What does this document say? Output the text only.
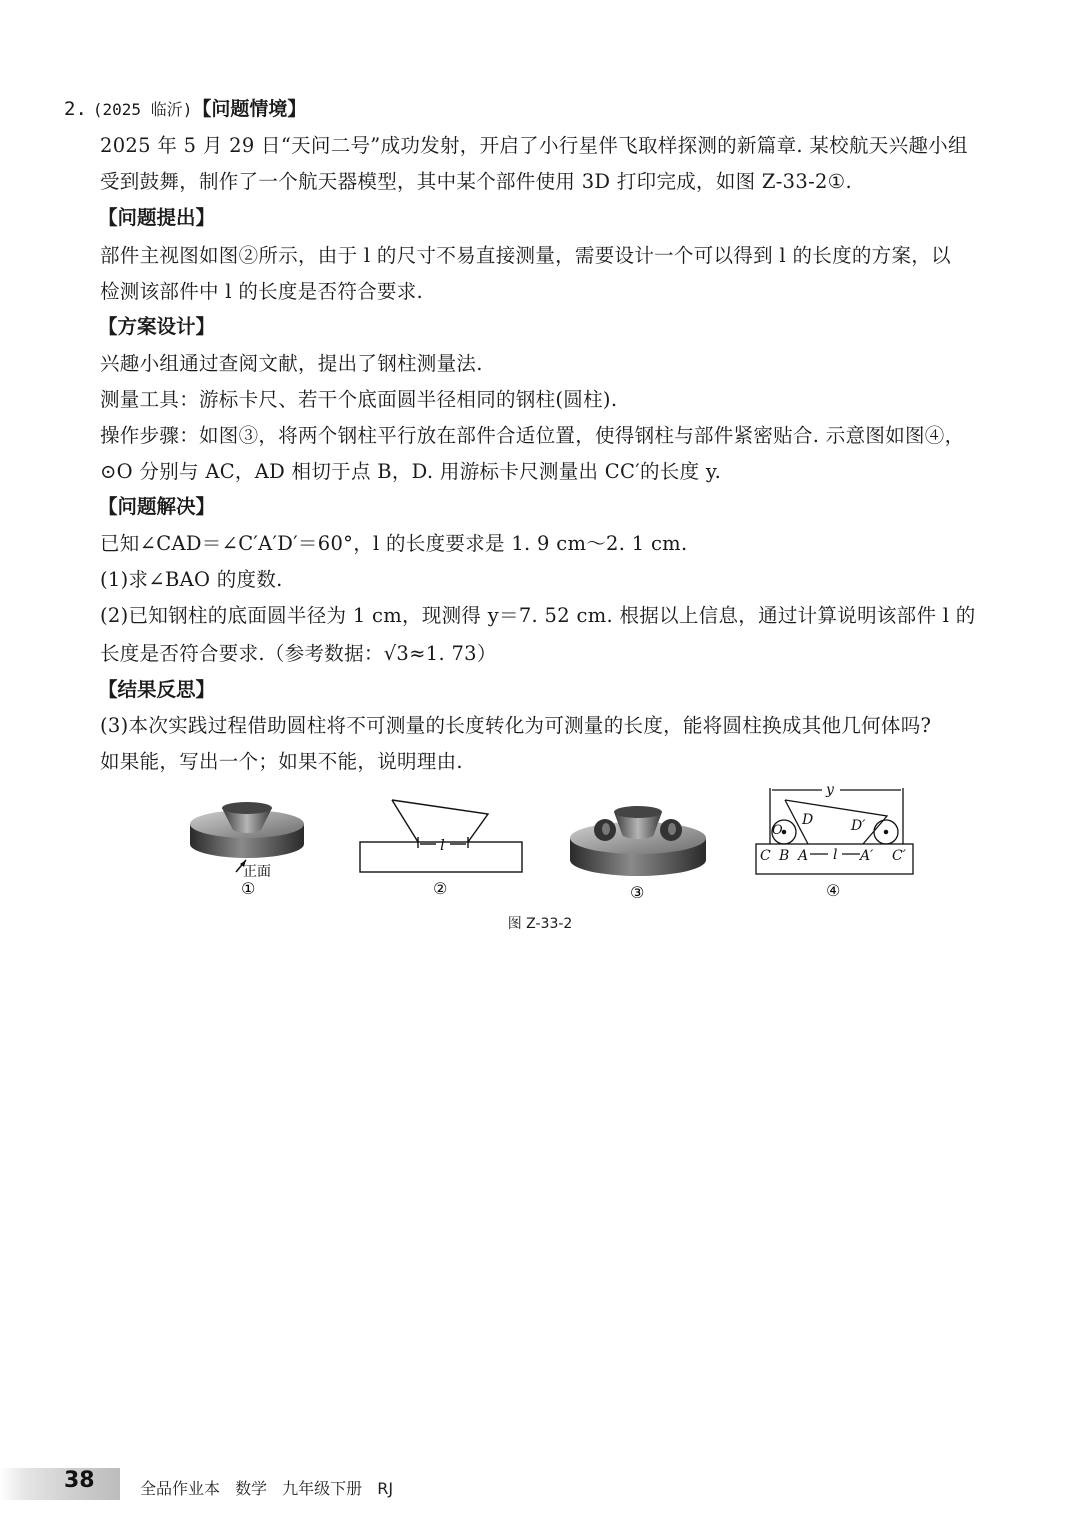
2. (2025 临沂)【问题情境】
2025 年 5 月 29 日“天问二号”成功发射，开启了小行星伴飞取样探测的新篇章. 某校航天兴趣小组
受到鼓舞，制作了一个航天器模型，其中某个部件使用 3D 打印完成，如图 Z-33-2①.
【问题提出】
部件主视图如图②所示，由于 l 的尺寸不易直接测量，需要设计一个可以得到 l 的长度的方案，以
检测该部件中 l 的长度是否符合要求.
【方案设计】
兴趣小组通过查阅文献，提出了钢柱测量法.
测量工具：游标卡尺、若干个底面圆半径相同的钢柱(圆柱).
操作步骤：如图③，将两个钢柱平行放在部件合适位置，使得钢柱与部件紧密贴合. 示意图如图④，
⊙O 分别与 AC，AD 相切于点 B，D. 用游标卡尺测量出 CC′的长度 y.
【问题解决】
已知∠CAD＝∠C′A′D′＝60°，l 的长度要求是 1. 9 cm～2. 1 cm.
(1)求∠BAO 的度数.
(2)已知钢柱的底面圆半径为 1 cm，现测得 y＝7. 52 cm. 根据以上信息，通过计算说明该部件 l 的
长度是否符合要求.（参考数据：√3≈1. 73）
【结果反思】
(3)本次实践过程借助圆柱将不可测量的长度转化为可测量的长度，能将圆柱换成其他几何体吗?
如果能，写出一个；如果不能，说明理由.
正面
①
l
②	③
y
l
D	D′
O
C B A	A′ C′
④
图 Z-33-2
38	全品作业本 数学 九年级下册 RJ
